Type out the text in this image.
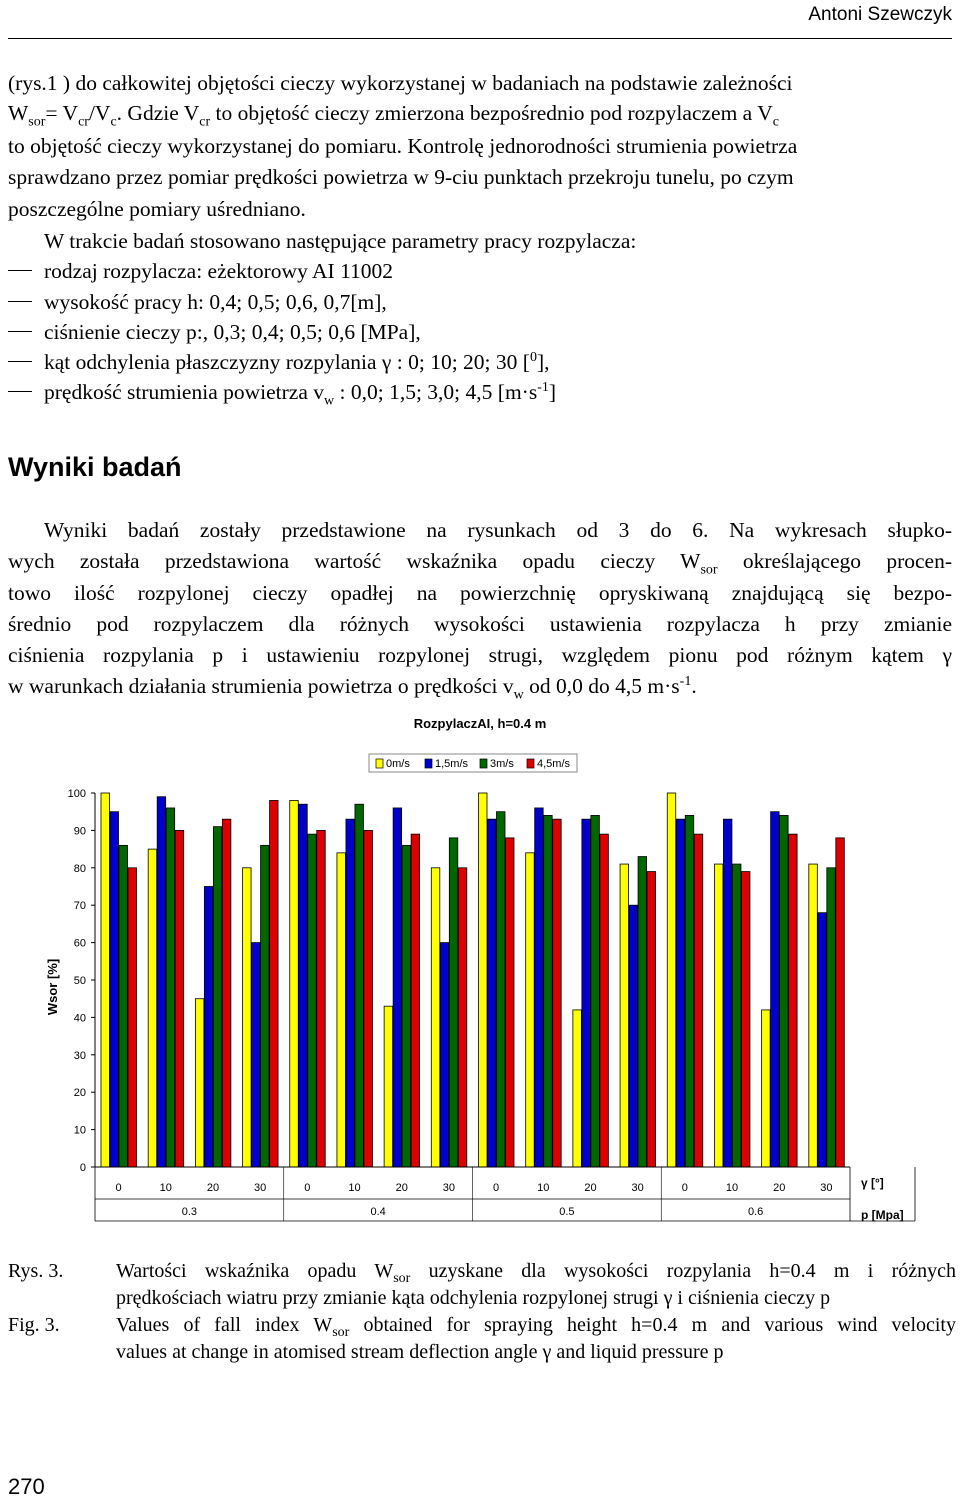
Antoni Szewczyk
(rys.1 ) do całkowitej objętości cieczy wykorzystanej w badaniach na podstawie zależności
$W_{sor}= V_{cr}/V_c$. Gdzie $V_{cr}$ to objętość cieczy zmierzona bezpośrednio pod rozpylaczem a $V_c$
to objętość cieczy wykorzystanej do pomiaru. Kontrolę jednorodności strumienia powietrza
sprawdzano przez pomiar prędkości powietrza w 9-ciu punktach przekroju tunelu, po czym
poszczególne pomiary uśredniano.
W trakcie badań stosowano następujące parametry pracy rozpylacza:
rodzaj rozpylacza: eżektorowy AI 11002
wysokość pracy h: 0,4; 0,5; 0,6, 0,7[m],
ciśnienie cieczy p:, 0,3; 0,4; 0,5; 0,6 [MPa],
kąt odchylenia płaszczyzny rozpylania γ : 0; 10; 20; 30 [$^0$],
prędkość strumienia powietrza $v_w$ : 0,0; 1,5; 3,0; 4,5 $[m\cdot s^{-1}]$
Wyniki badań
Wyniki badań zostały przedstawione na rysunkach od 3 do 6. Na wykresach słupko-
wych została przedstawiona wartość wskaźnika opadu cieczy $W_{sor}$ określającego procen-
towo ilość rozpylonej cieczy opadłej na powierzchnię opryskiwaną znajdującą się bezpo-
średnio pod rozpylaczem dla różnych wysokości ustawienia rozpylacza h przy zmianie
ciśnienia rozpylania p i ustawieniu rozpylonej strugi, względem pionu pod różnym kątem γ
w warunkach działania strumienia powietrza o prędkości $v_w$ od 0,0 do 4,5 $m\cdot s^{-1}$.
RozpylaczAI, h=0.4 m
0m/s 1,5m/s 3m/s 4,5m/s
Wsor [%]
0
10
20
30
40
50
60
70
80
90
100
0	10	20	30	0	10	20	30	0	10	20	30	0	10	20	30
0.3	0.4	0.5	0.6
γ [°]
p [Mpa]
Rys. 3.	Wartości wskaźnika opadu $W_{sor}$ uzyskane dla wysokości rozpylania h=0.4 m i różnych
prędkościach wiatru przy zmianie kąta odchylenia rozpylonej strugi γ i ciśnienia cieczy p
Fig. 3.	Values of fall index $W_{sor}$ obtained for spraying height h=0.4 m and various wind velocity
values at change in atomised stream deflection angle γ and liquid pressure p
270
